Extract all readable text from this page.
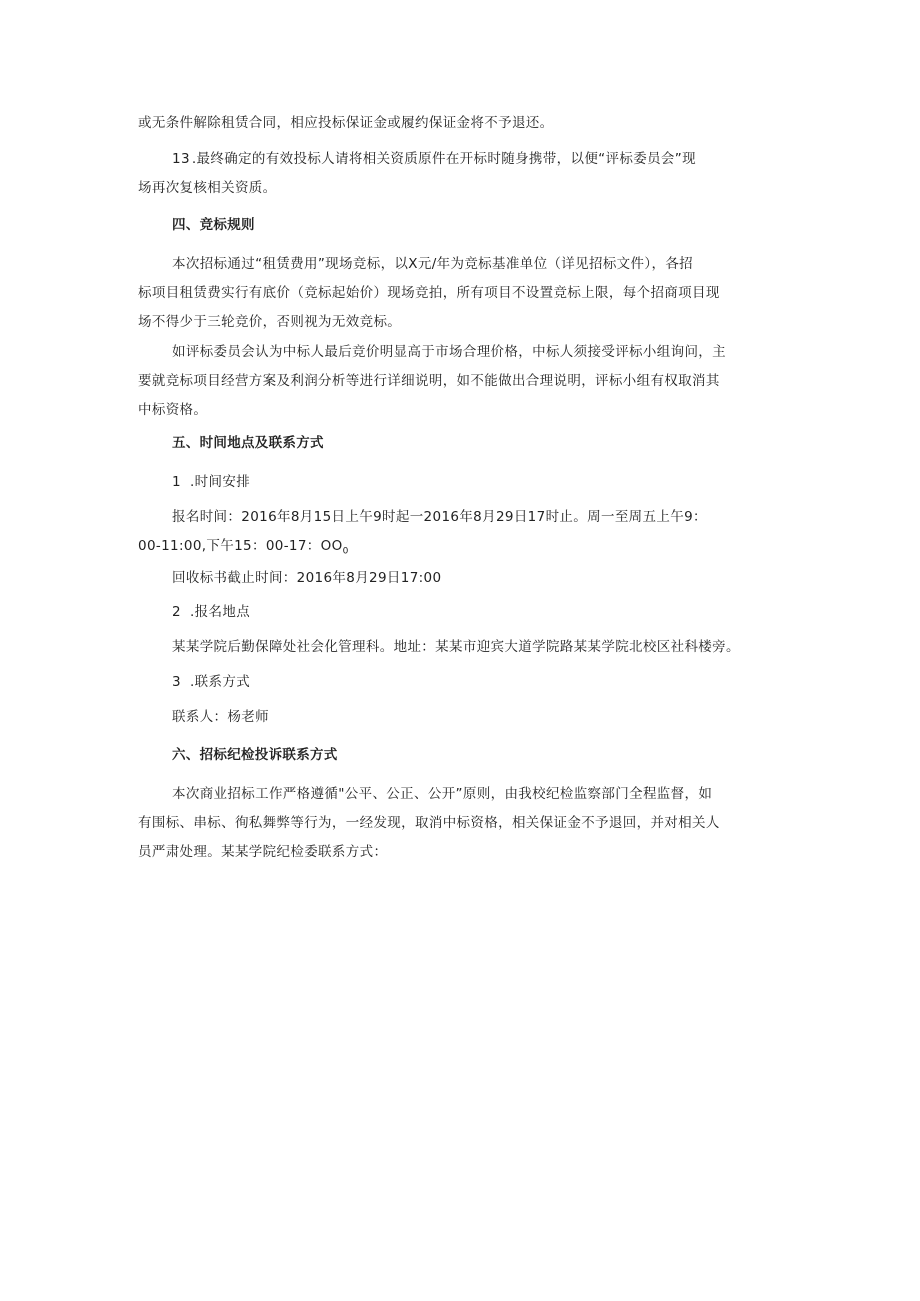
或无条件解除租赁合同，相应投标保证金或履约保证金将不予退还。

13 .最终确定的有效投标人请将相关资质原件在开标时随身携带，以便“评标委员会”现

场再次复核相关资质。

四、竞标规则

本次招标通过“租赁费用”现场竞标，以X元/年为竞标基准单位（详见招标文件），各招
标项目租赁费实行有底价（竞标起始价）现场竞拍，所有项目不设置竞标上限，每个招商项目现
场不得少于三轮竞价，否则视为无效竞标。

如评标委员会认为中标人最后竞价明显高于市场合理价格，中标人须接受评标小组询问，主
要就竞标项目经营方案及利润分析等进行详细说明，如不能做出合理说明，评标小组有权取消其
中标资格。

五、时间地点及联系方式
1 .时间安排

报名时间：2016年8月15日上午9时起一2016年8月29日17时止。周一至周五上午9：
00-11:00,下午15：00-17：$OO_0$

回收标书截止时间：2016年8月29日17:00
2 .报名地点
某某学院后勤保障处社会化管理科。地址：某某市迎宾大道学院路某某学院北校区社科楼旁。
3 .联系方式
联系人：杨老师
六、招标纪检投诉联系方式

本次商业招标工作严格遵循"公平、公正、公开”原则，由我校纪检监察部门全程监督，如
有围标、串标、徇私舞弊等行为，一经发现，取消中标资格，相关保证金不予退回，并对相关人
员严肃处理。某某学院纪检委联系方式：
